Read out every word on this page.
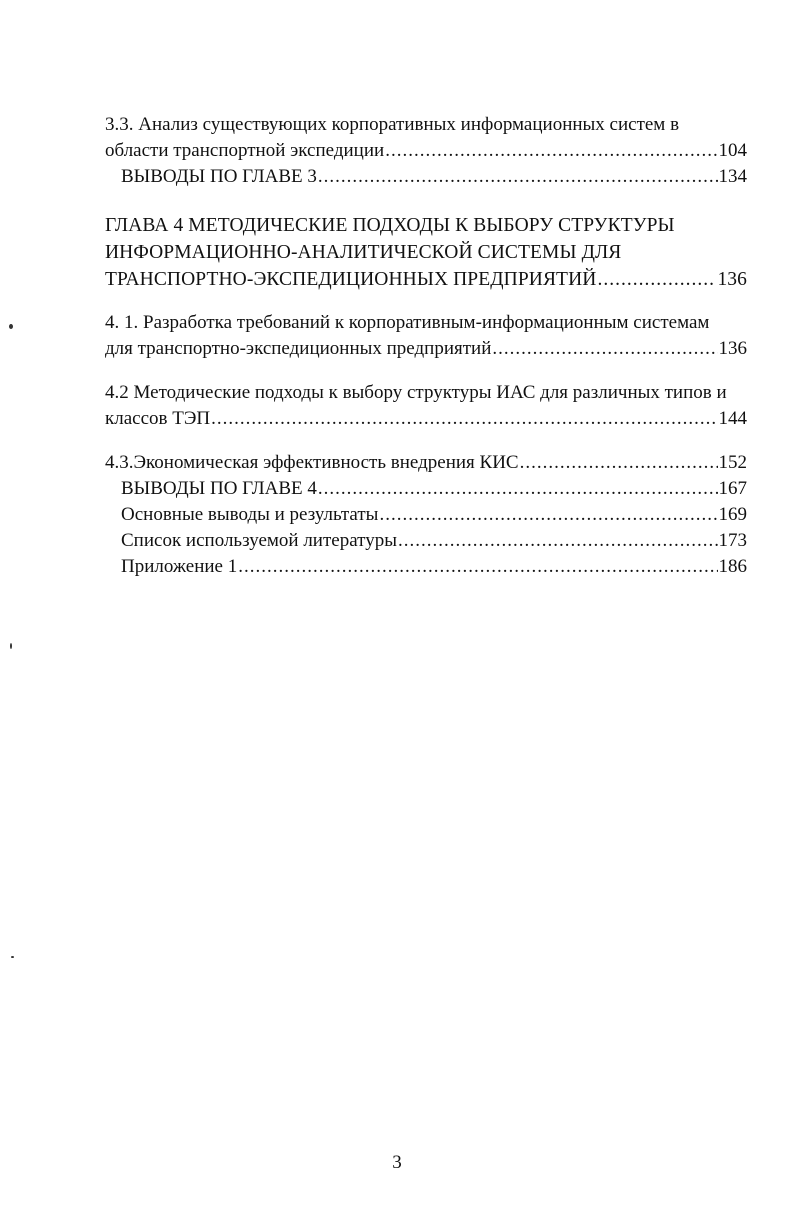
3.3. Анализ существующих корпоративных информационных систем в
области транспортной экспедиции .....	104
ВЫВОДЫ ПО ГЛАВЕ 3 .....	134
ГЛАВА 4 МЕТОДИЧЕСКИЕ ПОДХОДЫ К ВЫБОРУ СТРУКТУРЫ
ИНФОРМАЦИОННО-АНАЛИТИЧЕСКОЙ СИСТЕМЫ ДЛЯ
ТРАНСПОРТНО-ЭКСПЕДИЦИОННЫХ ПРЕДПРИЯТИЙ .....	136
4. 1. Разработка требований к корпоративным-информационным системам
для транспортно-экспедиционных предприятий .....	136
4.2 Методические подходы к выбору структуры ИАС для различных типов и
классов ТЭП .....	144
4.3.Экономическая эффективность внедрения КИС .....	152
ВЫВОДЫ ПО ГЛАВЕ 4 .....	167
Основные выводы и результаты .....	169
Список используемой литературы .....	173
Приложение 1 .....	186
3
